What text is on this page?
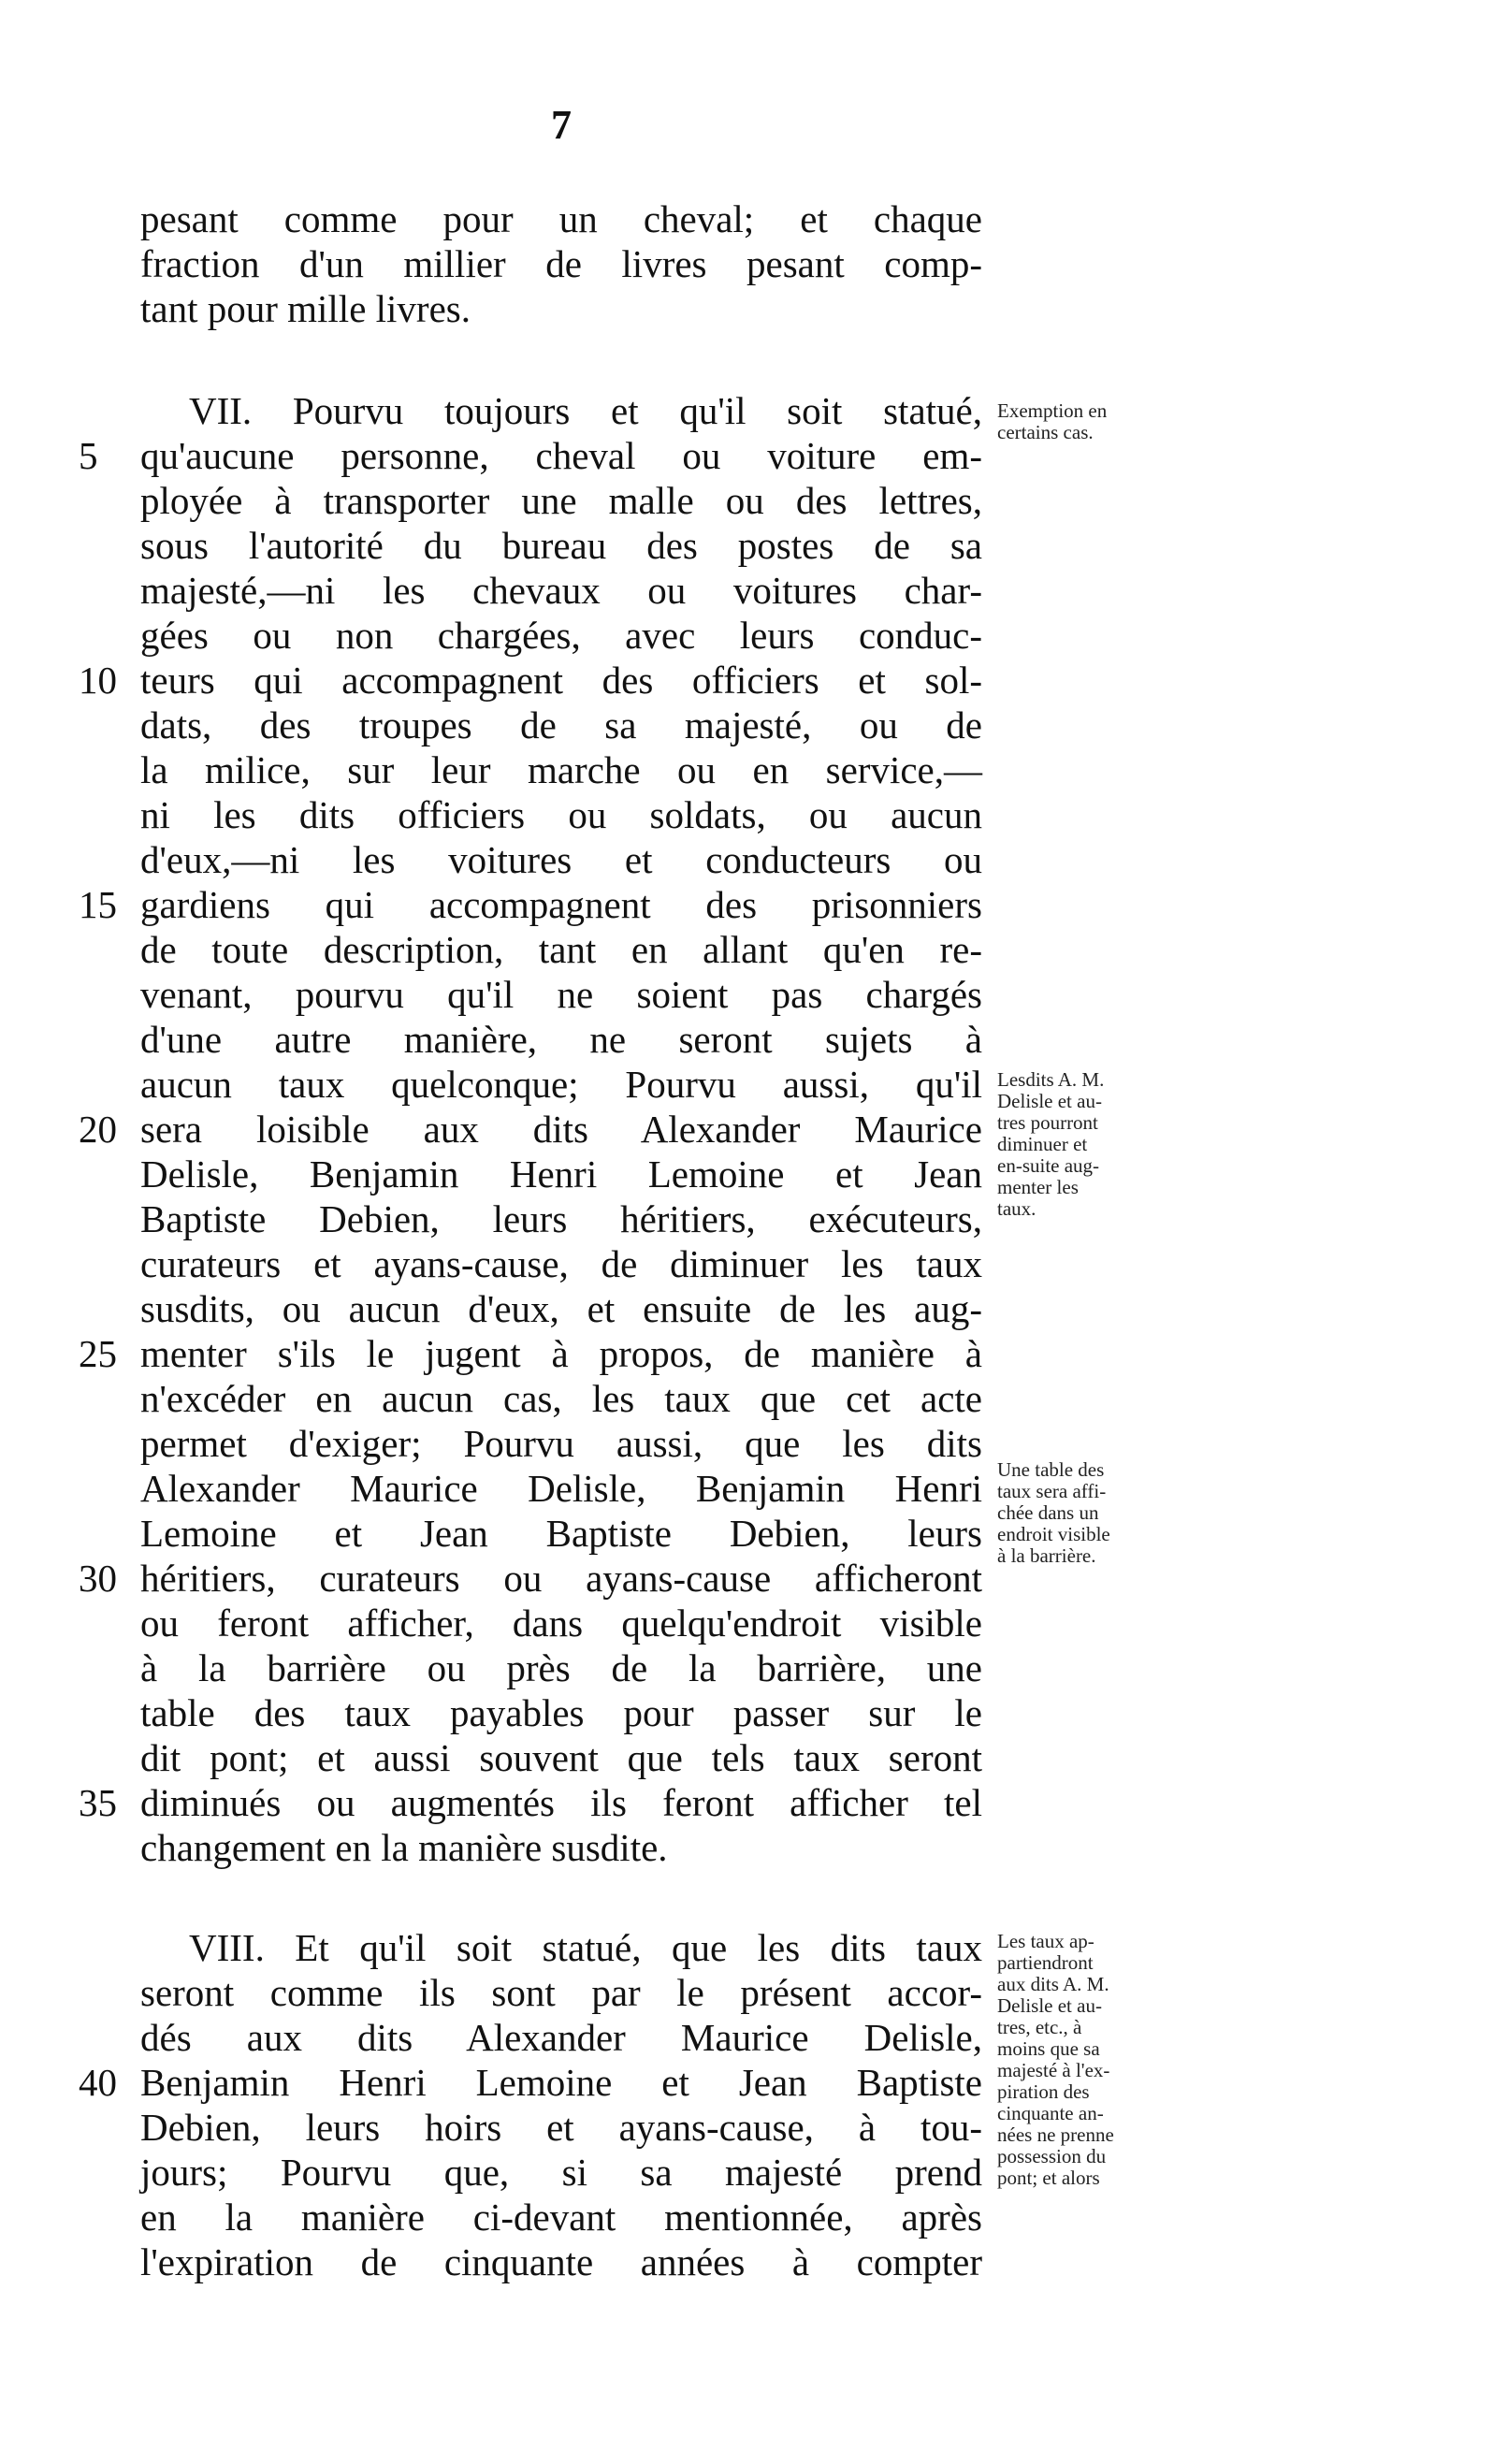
7
pesant comme pour un cheval; et chaque
fraction d'un millier de livres pesant comp-
tant pour mille livres.
VII. Pourvu toujours et qu'il soit statué,
qu'aucune personne, cheval ou voiture em-
ployée à transporter une malle ou des lettres,
sous l'autorité du bureau des postes de sa
majesté,—ni les chevaux ou voitures char-
gées ou non chargées, avec leurs conduc-
teurs qui accompagnent des officiers et sol-
dats, des troupes de sa majesté, ou de
la milice, sur leur marche ou en service,—
ni les dits officiers ou soldats, ou aucun
d'eux,—ni les voitures et conducteurs ou
gardiens qui accompagnent des prisonniers
de toute description, tant en allant qu'en re-
venant, pourvu qu'il ne soient pas chargés
d'une autre manière, ne seront sujets à
aucun taux quelconque; Pourvu aussi, qu'il
sera loisible aux dits Alexander Maurice
Delisle, Benjamin Henri Lemoine et Jean
Baptiste Debien, leurs héritiers, exécuteurs,
curateurs et ayans-cause, de diminuer les taux
susdits, ou aucun d'eux, et ensuite de les aug-
menter s'ils le jugent à propos, de manière à
n'excéder en aucun cas, les taux que cet acte
permet d'exiger; Pourvu aussi, que les dits
Alexander Maurice Delisle, Benjamin Henri
Lemoine et Jean Baptiste Debien, leurs
héritiers, curateurs ou ayans-cause afficheront
ou feront afficher, dans quelqu'endroit visible
à la barrière ou près de la barrière, une
table des taux payables pour passer sur le
dit pont; et aussi souvent que tels taux seront
diminués ou augmentés ils feront afficher tel
changement en la manière susdite.
VIII. Et qu'il soit statué, que les dits taux
seront comme ils sont par le présent accor-
dés aux dits Alexander Maurice Delisle,
Benjamin Henri Lemoine et Jean Baptiste
Debien, leurs hoirs et ayans-cause, à tou-
jours; Pourvu que, si sa majesté prend
en la manière ci-devant mentionnée, après
l'expiration de cinquante années à compter
5
10
15
20
25
30
35
40
Exemption en
certains cas.
Lesdits A. M.
Delisle et au-
tres pourront
diminuer et
en-suite aug-
menter les
taux.
Une table des
taux sera affi-
chée dans un
endroit visible
à la barrière.
Les taux ap-
partiendront
aux dits A. M.
Delisle et au-
tres, etc., à
moins que sa
majesté à l'ex-
piration des
cinquante an-
nées ne prenne
possession du
pont; et alors
